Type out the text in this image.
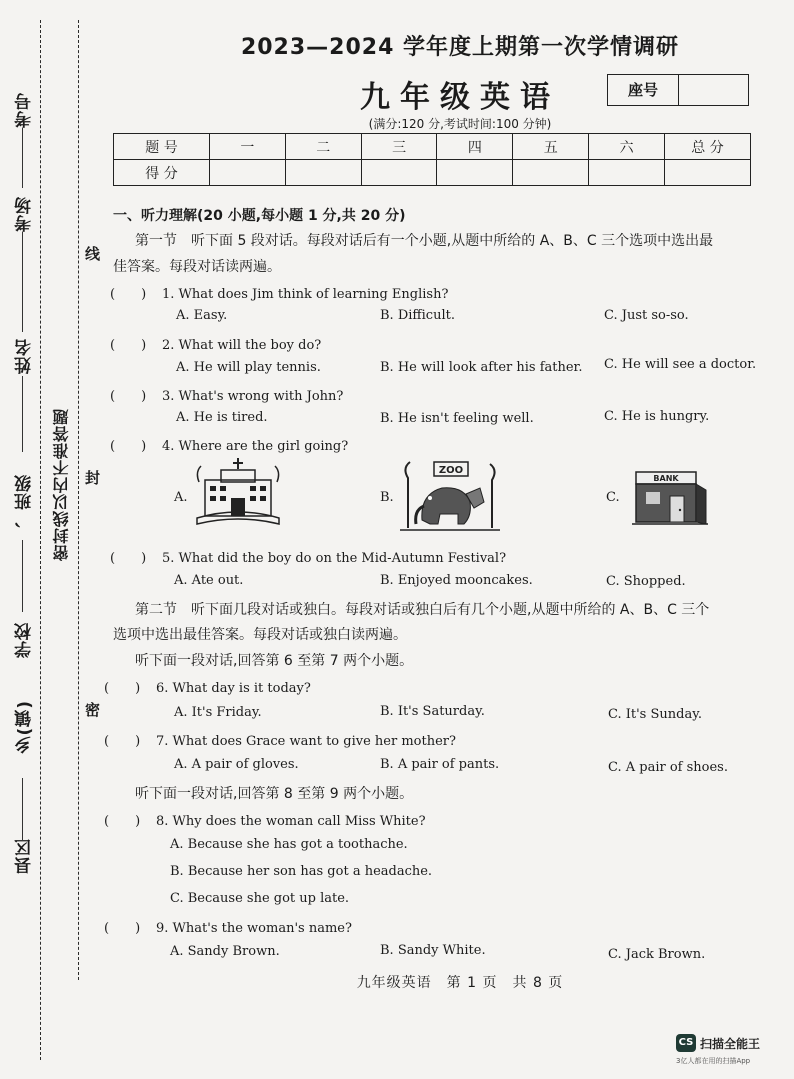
考号
考场
姓名
、班级
学校
乡(镇)
县区
密封线以内不准答题
线
封
密
2023—2024 学年度上期第一次学情调研
九年级英语	座号
(满分:120 分,考试时间:100 分钟)
题 号	一	二	三	四	五	六	总 分
得 分							
一、听力理解(20 小题,每小题 1 分,共 20 分)
第一节　听下面 5 段对话。每段对话后有一个小题,从题中所给的 A、B、C 三个选项中选出最
佳答案。每段对话读两遍。
(　　) 1. What does Jim think of learning English?
A. Easy.	B. Difficult.	C. Just so-so.
(　　) 2. What will the boy do?
A. He will play tennis.	B. He will look after his father. C. He will see a doctor.
(　　) 3. What's wrong with John?
A. He is tired.	B. He isn't feeling well.	C. He is hungry.
(　　) 4. Where are the girl going?
A.	B.	C.
ZOO
BANK
(　　) 5. What did the boy do on the Mid-Autumn Festival?
A. Ate out.	B. Enjoyed mooncakes.	C. Shopped.
第二节　听下面几段对话或独白。每段对话或独白后有几个小题,从题中所给的 A、B、C 三个
选项中选出最佳答案。每段对话或独白读两遍。
听下面一段对话,回答第 6 至第 7 两个小题。
(　　) 6. What day is it today?
A. It's Friday.	B. It's Saturday.	C. It's Sunday.
(　　) 7. What does Grace want to give her mother?
A. A pair of gloves.	B. A pair of pants.	C. A pair of shoes.
听下面一段对话,回答第 8 至第 9 两个小题。
(　　) 8. Why does the woman call Miss White?
A. Because she has got a toothache.
B. Because her son has got a headache.
C. Because she got up late.
(　　) 9. What's the woman's name?
A. Sandy Brown.	B. Sandy White.	C. Jack Brown.
九年级英语　第 1 页　共 8 页
CS 扫描全能王
3亿人都在用的扫描App
